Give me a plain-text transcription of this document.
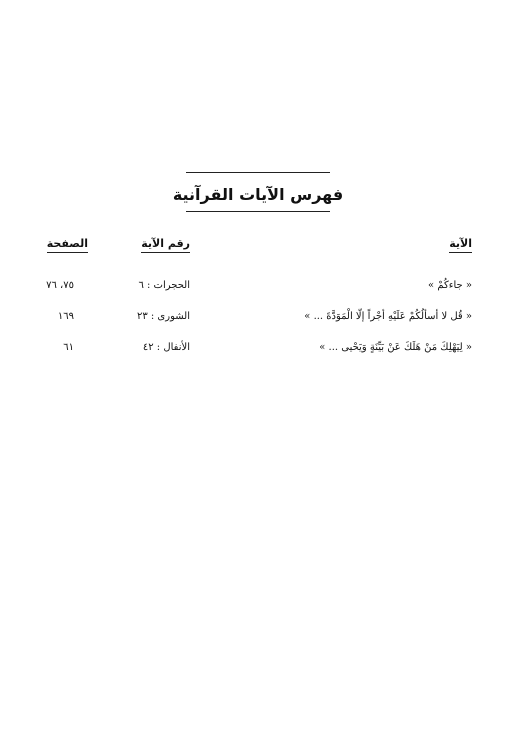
فهرس الآيات القرآنية
الآية
رقم الآية
الصفحة
« جاءكُمْ »
الحجرات : ٦
٧٥، ٧٦
« قُل لا أسألُكُمْ عَلَيْهِ أجْراً إلّا الْمَوَدَّةَ ... »
الشورى : ٢٣
١٦٩
« لِيَهْلِكَ مَنْ هَلَكَ عَنْ بَيِّنَةٍ وَيَحْيى ... »
الأنفال : ٤٢
٦١
